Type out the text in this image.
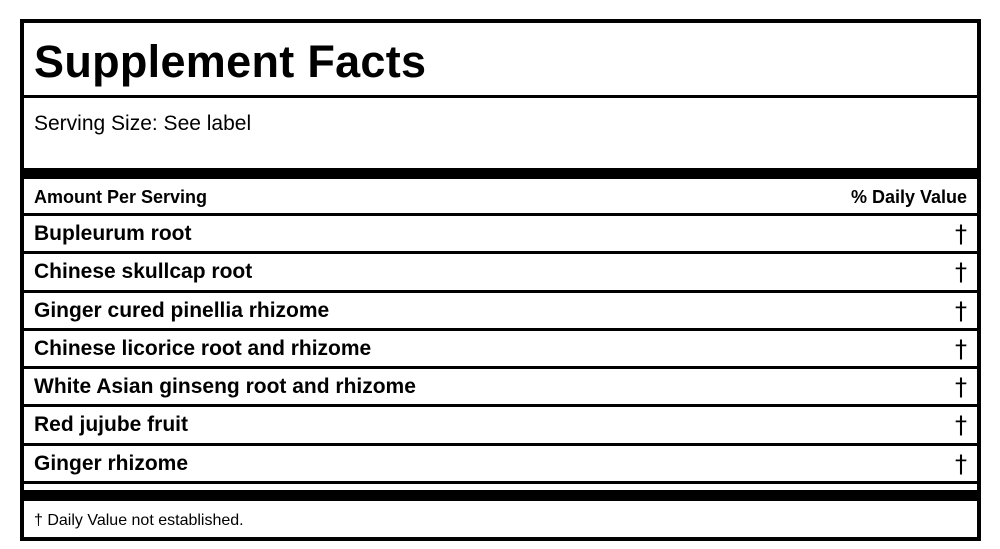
Supplement Facts
Serving Size: See label
Amount Per Serving	% Daily Value
Bupleurum root	†
Chinese skullcap root	†
Ginger cured pinellia rhizome	†
Chinese licorice root and rhizome	†
White Asian ginseng root and rhizome	†
Red jujube fruit	†
Ginger rhizome	†
† Daily Value not established.
